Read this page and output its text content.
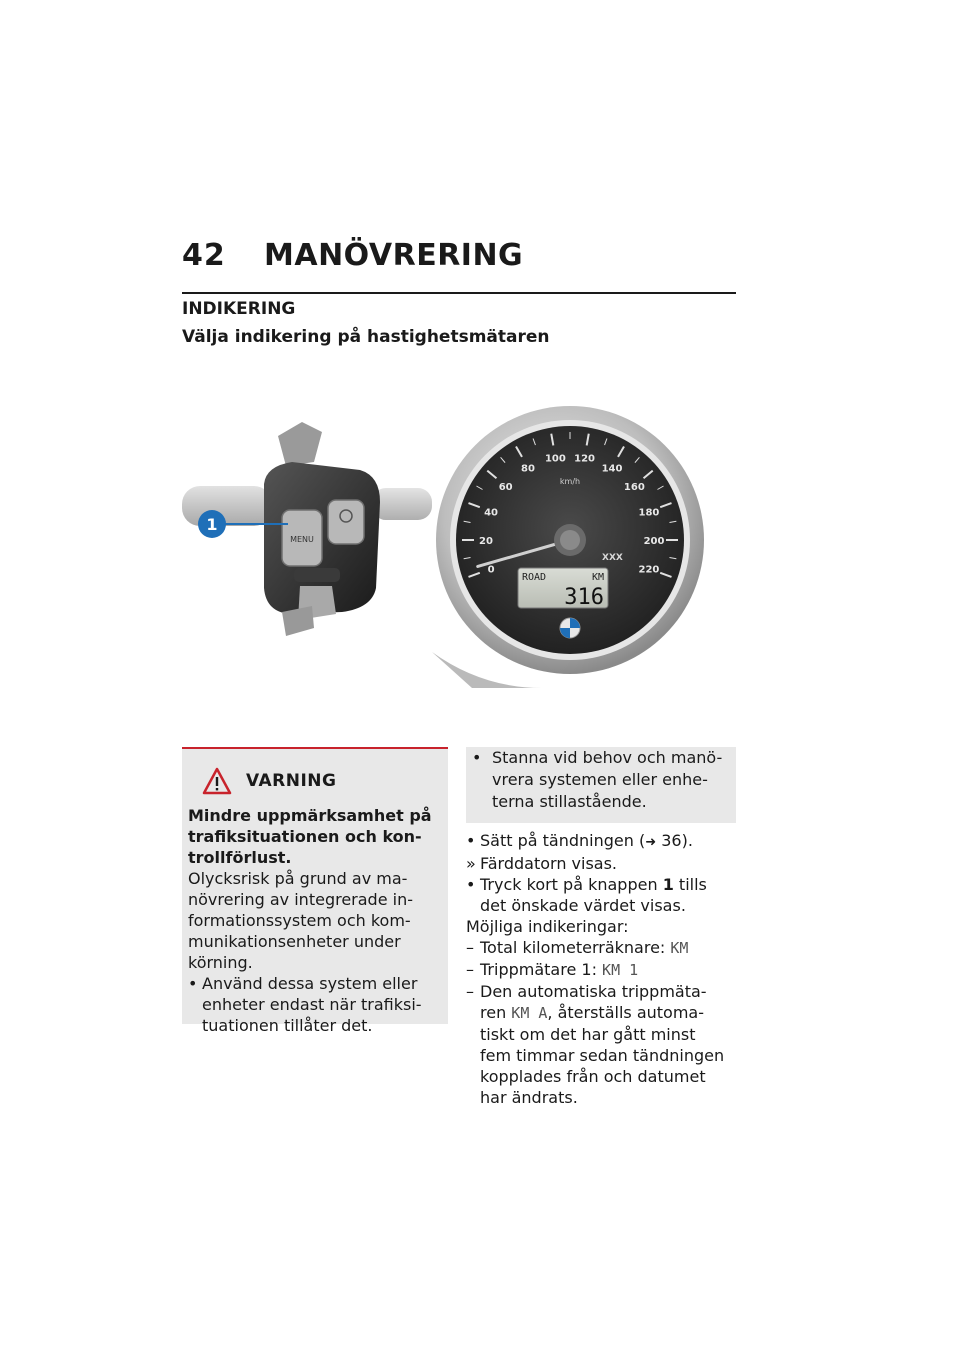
42 MANÖVRERING
INDIKERING
Välja indikering på hastighetsmätaren
MENU
1
0
20
40
60
80
100 120
140
160
180
200
220
km/h
XXX
ROAD	KM
316
VARNING
Mindre uppmärksamhet på
trafiksituationen och kon-
trollförlust.
Olycksrisk på grund av ma-
növrering av integrerade in-
formationssystem och kom-
munikationsenheter under
körning.
• Använd dessa system eller
enheter endast när trafiksi-
tuationen tillåter det.
• Stanna vid behov och manö-
vrera systemen eller enhe-
terna stillastående.
• Sätt på tändningen (➜ 36).
» Färddatorn visas.
• Tryck kort på knappen 1 tills
det önskade värdet visas.
Möjliga indikeringar:
– Total kilometerräknare: KM
– Trippmätare 1: KM 1
– Den automatiska trippmäta-
ren KM A, återställs automa-
tiskt om det har gått minst
fem timmar sedan tändningen
kopplades från och datumet
har ändrats.
